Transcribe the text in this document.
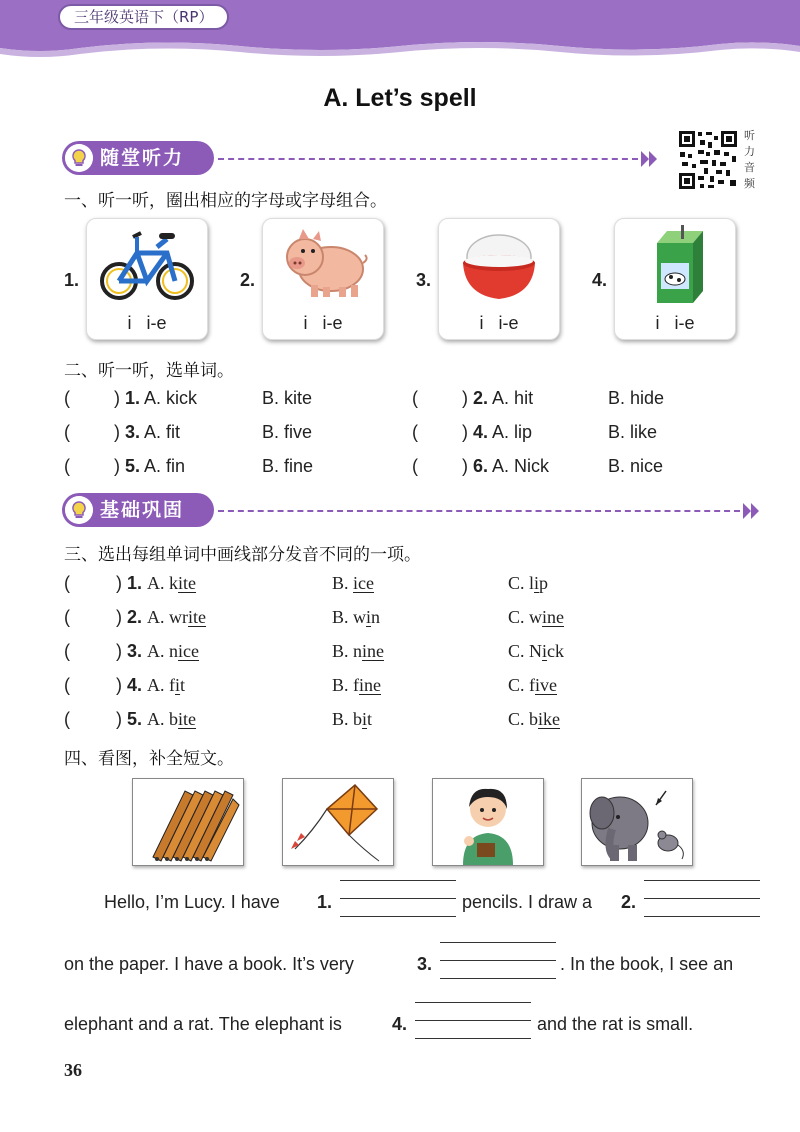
三年级英语下（RP）
A. Let’s spell
听力音频
随堂听力
一、听一听，圈出相应的字母或字母组合。
1.
i i-e
2.
i i-e
3.
i i-e
4.
i i-e
二、听一听，选单词。
( ) 1. A. kick	B. kite	( ) 2. A. hit	B. hide
( ) 3. A. fit	B. five	( ) 4. A. lip	B. like
( ) 5. A. fin	B. fine	( ) 6. A. Nick	B. nice
基础巩固
三、选出每组单词中画线部分发音不同的一项。
(	) 1. A. kite	B. ice	C. lip
(	) 2. A. write	B. win	C. wine
(	) 3. A. nice	B. nine	C. Nick
(	) 4. A. fit	B. fine	C. five
(	) 5. A. bite	B. bit	C. bike
四、看图，补全短文。
Hello, I’m Lucy. I have 1.	pencils. I draw a 2.
on the paper. I have a book. It’s very	3.	. In the book, I see an
elephant and a rat. The elephant is	4.	and the rat is small.
36
